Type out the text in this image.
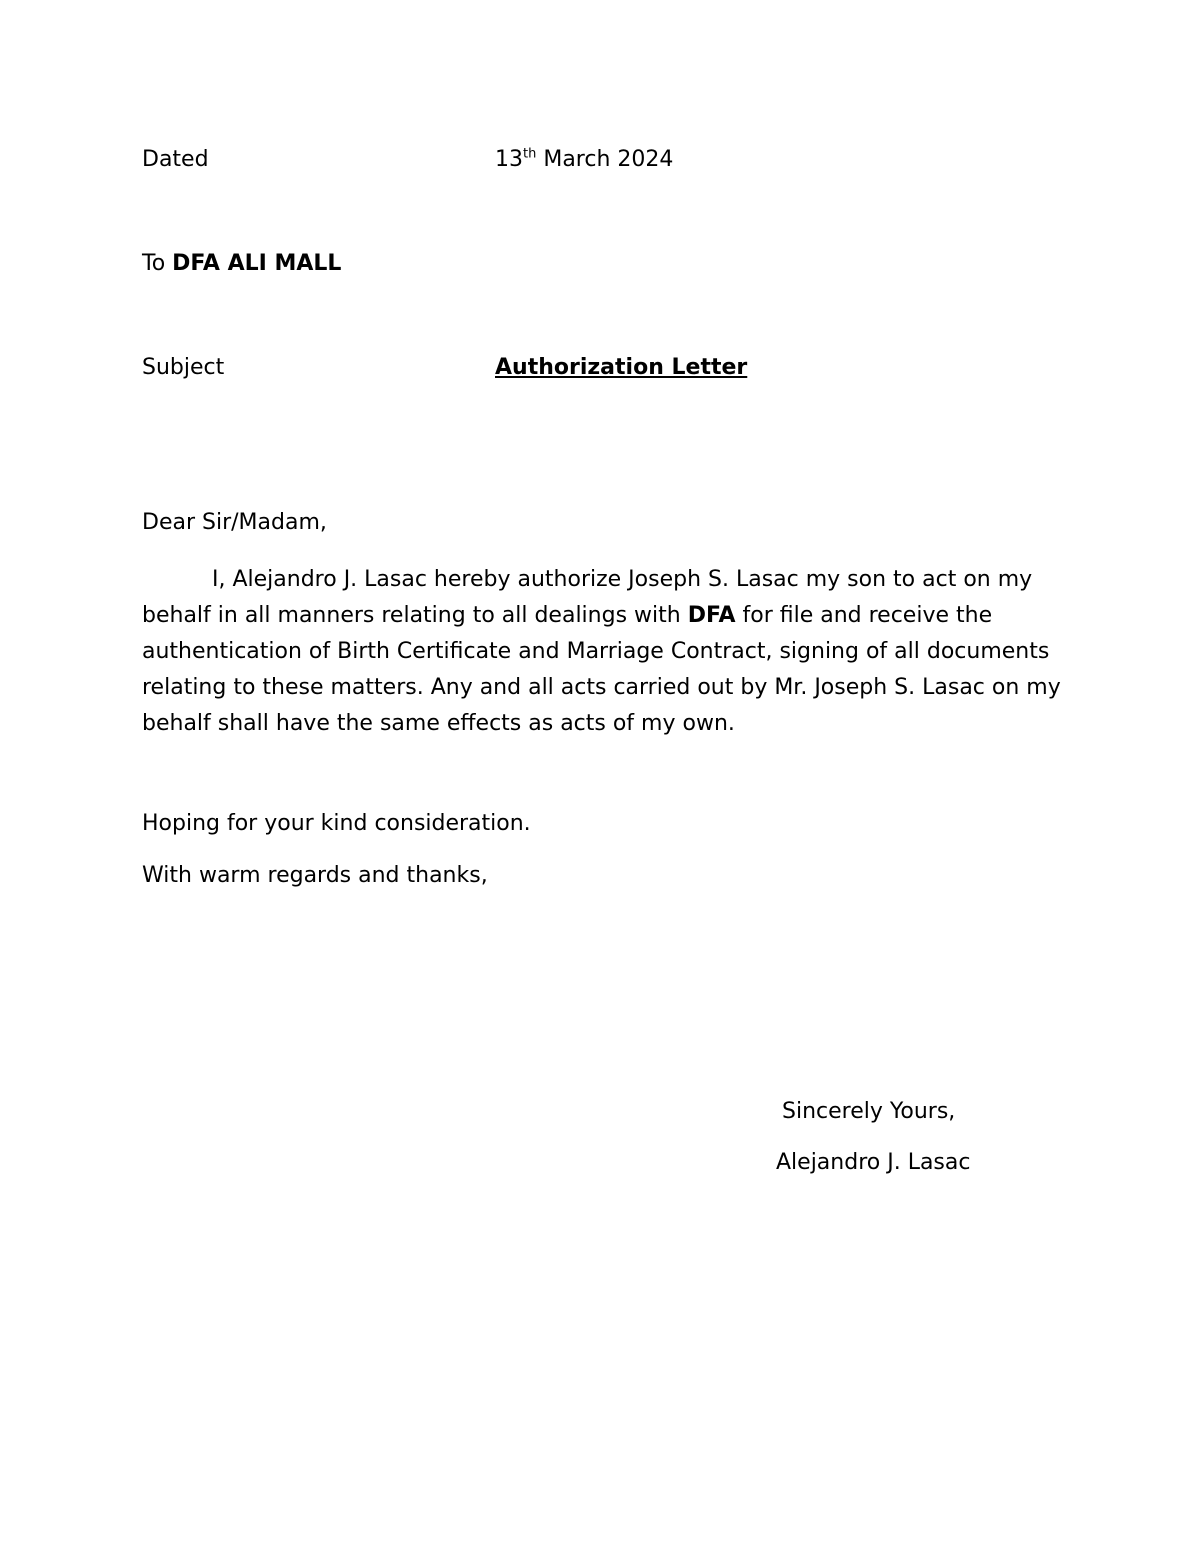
Dated	13th March 2024
To DFA ALI MALL
Subject	Authorization Letter
Dear Sir/Madam,
I, Alejandro J. Lasac hereby authorize Joseph S. Lasac my son to act on my behalf in all manners relating to all dealings with DFA for file and receive the authentication of Birth Certificate and Marriage Contract, signing of all documents relating to these matters. Any and all acts carried out by Mr. Joseph S. Lasac on my behalf shall have the same effects as acts of my own.
Hoping for your kind consideration.
With warm regards and thanks,
Sincerely Yours,
Alejandro J. Lasac
